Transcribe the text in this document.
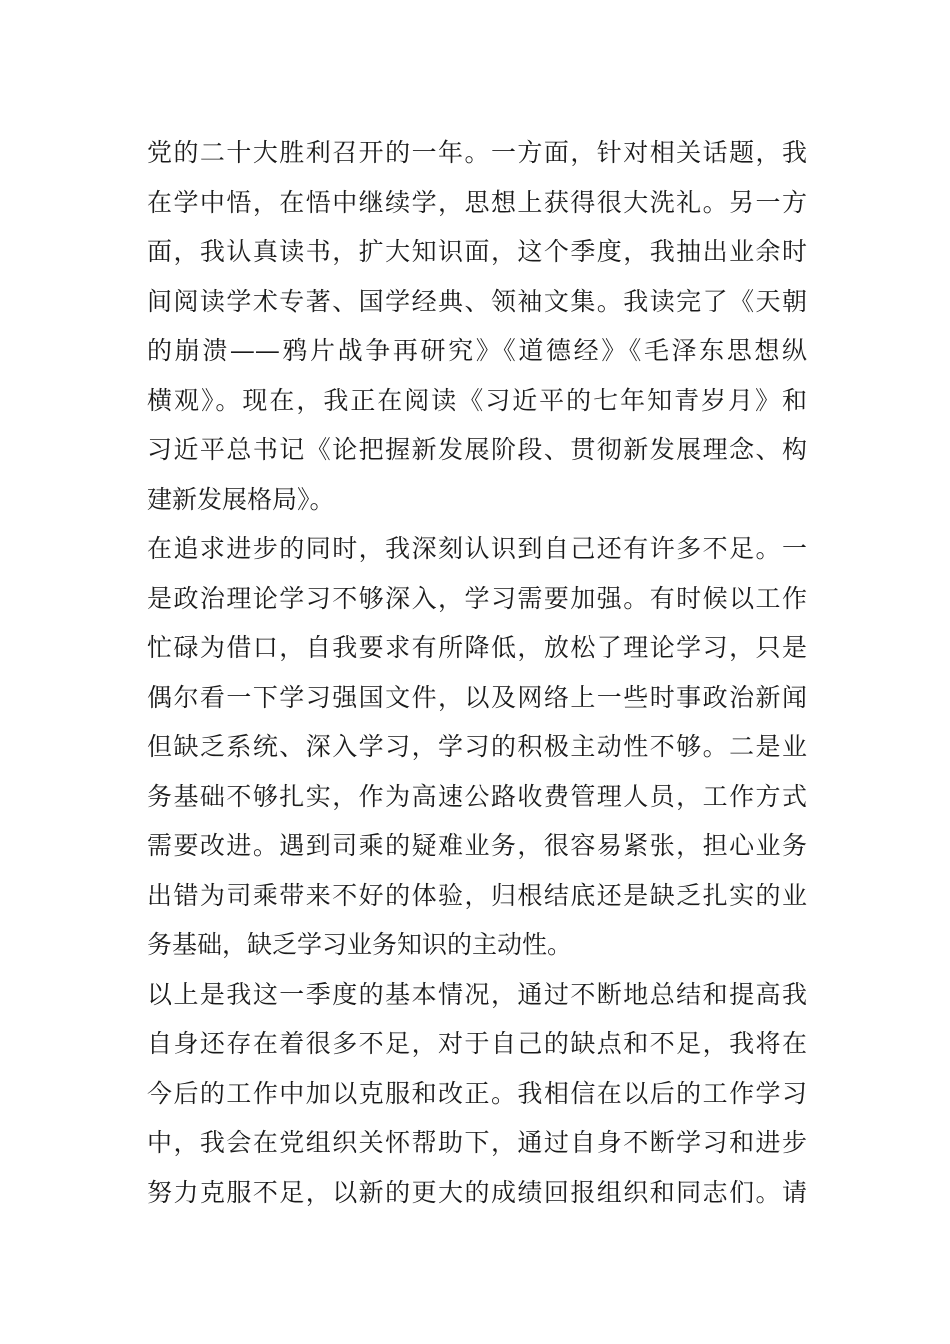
党的二十大胜利召开的一年。一方面，针对相关话题，我
在学中悟，在悟中继续学，思想上获得很大洗礼。另一方
面，我认真读书，扩大知识面，这个季度，我抽出业余时
间阅读学术专著、国学经典、领袖文集。我读完了《天朝
的崩溃——鸦片战争再研究》《道德经》《毛泽东思想纵
横观》。现在，我正在阅读《习近平的七年知青岁月》和
习近平总书记《论把握新发展阶段、贯彻新发展理念、构
建新发展格局》。
在追求进步的同时，我深刻认识到自己还有许多不足。一
是政治理论学习不够深入，学习需要加强。有时候以工作
忙碌为借口，自我要求有所降低，放松了理论学习，只是
偶尔看一下学习强国文件，以及网络上一些时事政治新闻
但缺乏系统、深入学习，学习的积极主动性不够。二是业
务基础不够扎实，作为高速公路收费管理人员，工作方式
需要改进。遇到司乘的疑难业务，很容易紧张，担心业务
出错为司乘带来不好的体验，归根结底还是缺乏扎实的业
务基础，缺乏学习业务知识的主动性。
以上是我这一季度的基本情况，通过不断地总结和提高我
自身还存在着很多不足，对于自己的缺点和不足，我将在
今后的工作中加以克服和改正。我相信在以后的工作学习
中，我会在党组织关怀帮助下，通过自身不断学习和进步
努力克服不足，以新的更大的成绩回报组织和同志们。请
